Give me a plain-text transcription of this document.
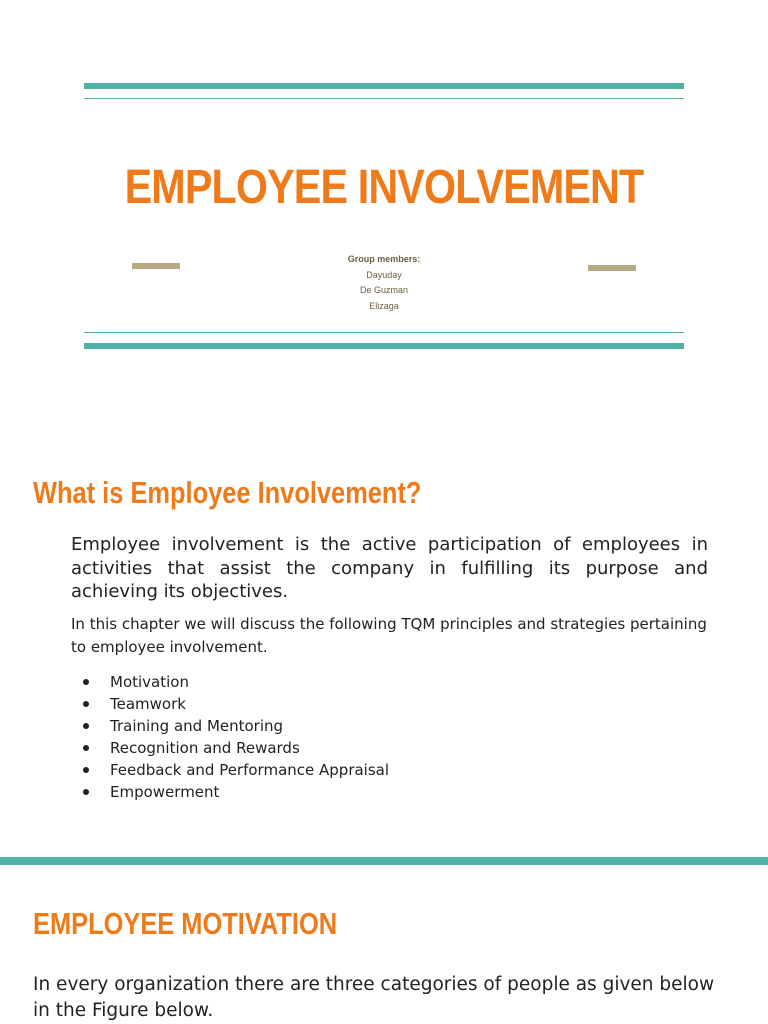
EMPLOYEE INVOLVEMENT
Group members:
Dayuday
De Guzman
Elizaga
What is Employee Involvement?
Employee involvement is the active participation of employees in activities that assist the company in fulfilling its purpose and achieving its objectives.
In this chapter we will discuss the following TQM principles and strategies pertaining to employee involvement.
Motivation
Teamwork
Training and Mentoring
Recognition and Rewards
Feedback and Performance Appraisal
Empowerment
EMPLOYEE MOTIVATION
In every organization there are three categories of people as given below in the Figure below.
